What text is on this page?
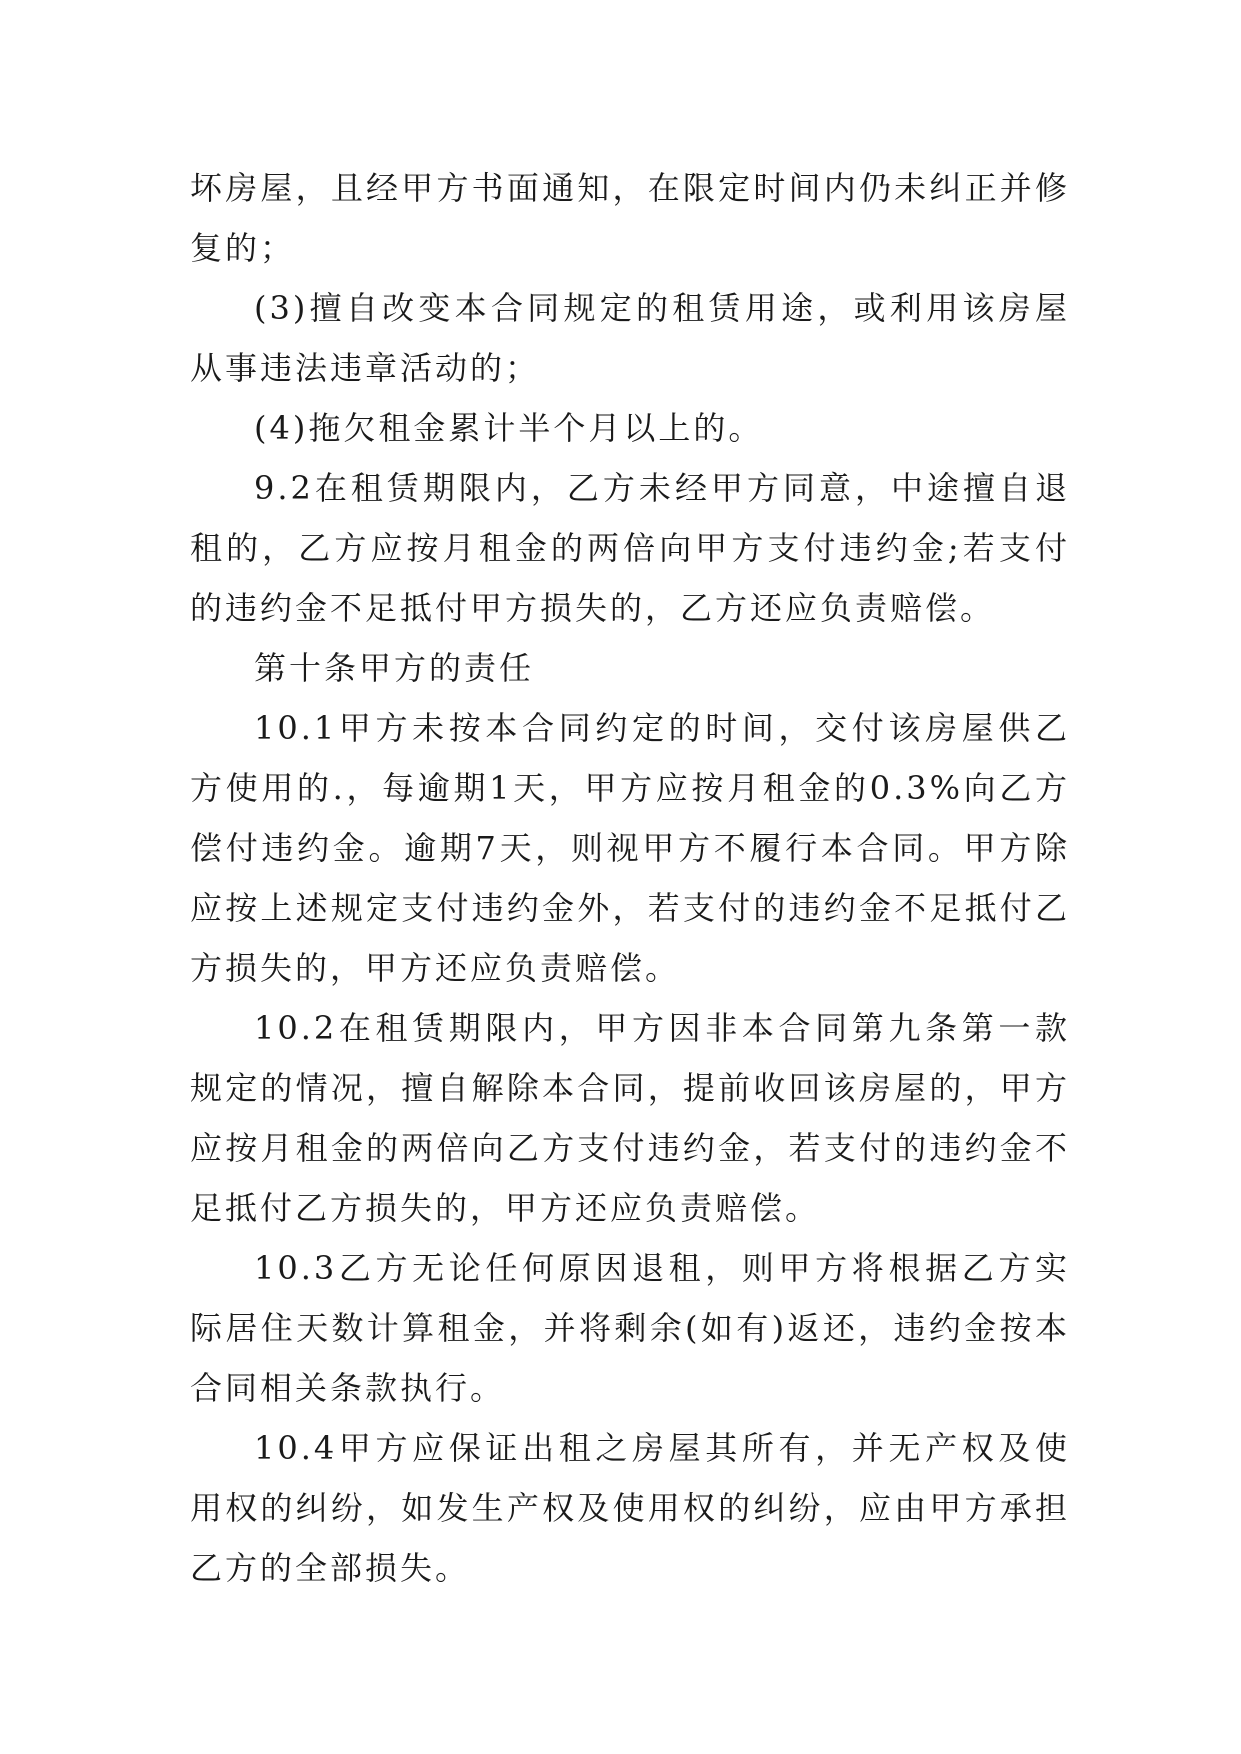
坏房屋，且经甲方书面通知，在限定时间内仍未纠正并修复的；

(3)擅自改变本合同规定的租赁用途，或利用该房屋从事违法违章活动的；

(4)拖欠租金累计半个月以上的。

9.2在租赁期限内，乙方未经甲方同意，中途擅自退租的，乙方应按月租金的两倍向甲方支付违约金;若支付的违约金不足抵付甲方损失的，乙方还应负责赔偿。

第十条甲方的责任

10.1甲方未按本合同约定的时间，交付该房屋供乙方使用的.，每逾期1天，甲方应按月租金的0.3%向乙方偿付违约金。逾期7天，则视甲方不履行本合同。甲方除应按上述规定支付违约金外，若支付的违约金不足抵付乙方损失的，甲方还应负责赔偿。

10.2在租赁期限内，甲方因非本合同第九条第一款规定的情况，擅自解除本合同，提前收回该房屋的，甲方应按月租金的两倍向乙方支付违约金，若支付的违约金不足抵付乙方损失的，甲方还应负责赔偿。

10.3乙方无论任何原因退租，则甲方将根据乙方实际居住天数计算租金，并将剩余(如有)返还，违约金按本合同相关条款执行。

10.4甲方应保证出租之房屋其所有，并无产权及使用权的纠纷，如发生产权及使用权的纠纷，应由甲方承担乙方的全部损失。
